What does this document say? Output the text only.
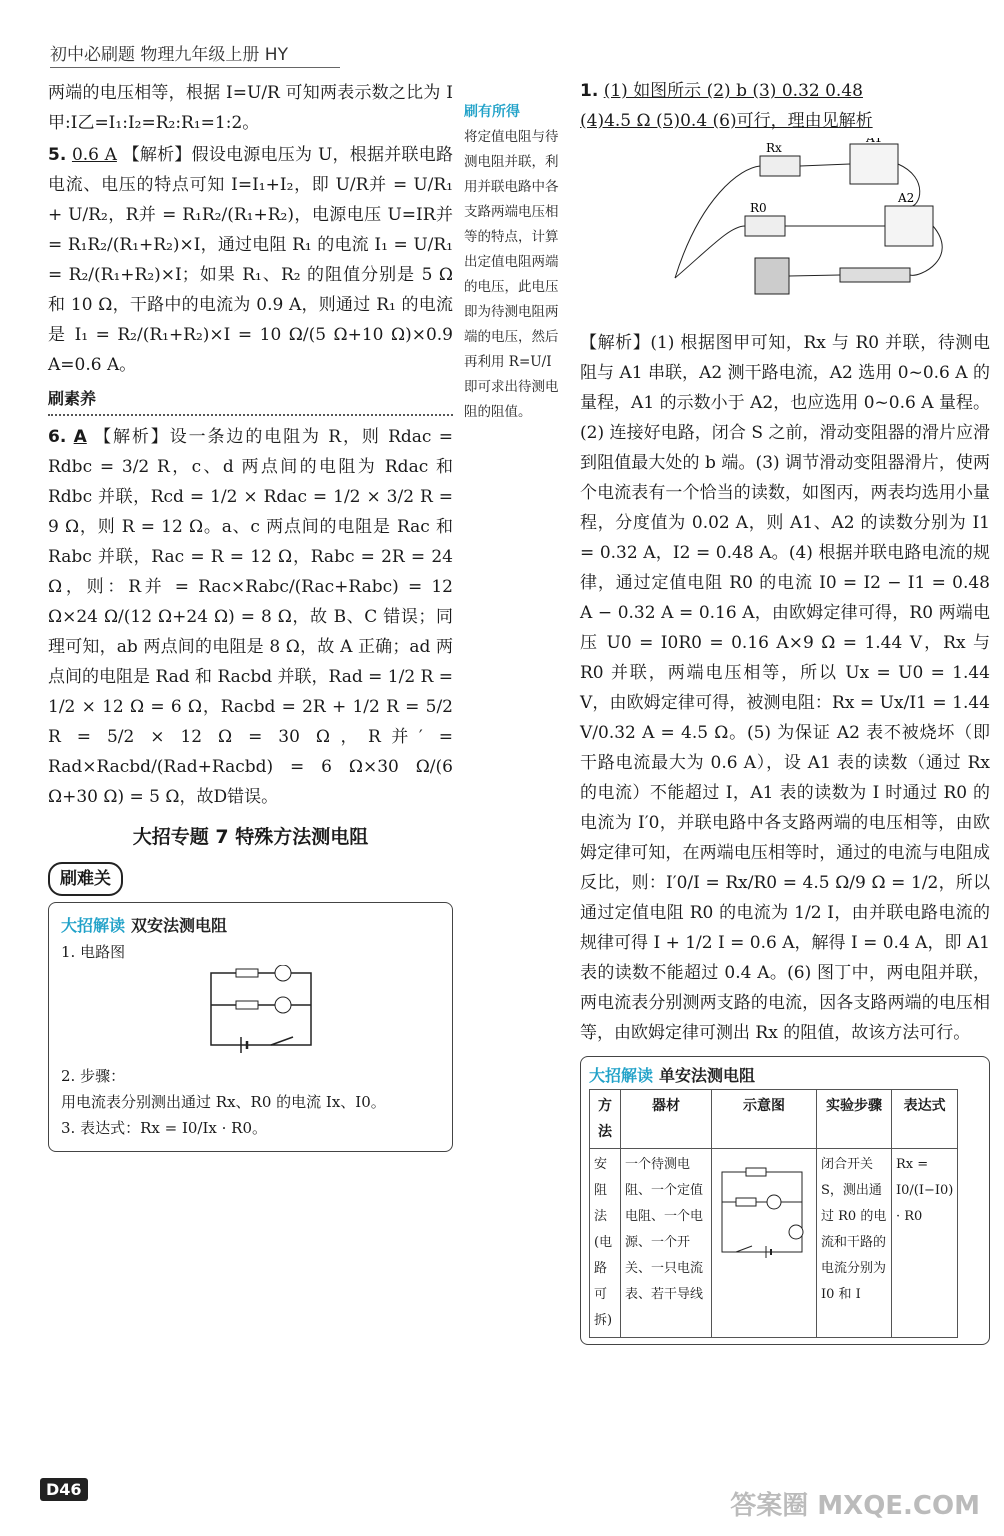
初中必刷题 物理九年级上册 HY

两端的电压相等，根据 I=U/R 可知两表示数之比为 I甲:I乙=I₁:I₂=R₂:R₁=1:2。

5. 0.6 A 【解析】假设电源电压为 U，根据并联电路电流、电压的特点可知 I=I₁+I₂，即 U/R并 = U/R₁ + U/R₂，R并 = R₁R₂/(R₁+R₂)，电源电压 U=IR并 = R₁R₂/(R₁+R₂)×I，通过电阻 R₁ 的电流 I₁ = U/R₁ = R₂/(R₁+R₂)×I；如果 R₁、R₂ 的阻值分别是 5 Ω 和 10 Ω，干路中的电流为 0.9 A，则通过 R₁ 的电流是 I₁ = R₂/(R₁+R₂)×I = 10 Ω/(5 Ω+10 Ω)×0.9 A=0.6 A。

刷素养

6. A 【解析】设一条边的电阻为 R，则 Rdac = Rdbc = 3/2 R，c、d 两点间的电阻为 Rdac 和 Rdbc 并联，Rcd = 1/2 × Rdac = 1/2 × 3/2 R = 9 Ω，则 R = 12 Ω。a、c 两点间的电阻是 Rac 和 Rabc 并联，Rac = R = 12 Ω，Rabc = 2R = 24 Ω，则：R并 = Rac×Rabc/(Rac+Rabc) = 12 Ω×24 Ω/(12 Ω+24 Ω) = 8 Ω，故 B、C 错误；同理可知，ab 两点间的电阻是 8 Ω，故 A 正确；ad 两点间的电阻是 Rad 和 Racbd 并联，Rad = 1/2 R = 1/2 × 12 Ω = 6 Ω，Racbd = 2R + 1/2 R = 5/2 R = 5/2 × 12 Ω = 30 Ω，R并′ = Rad×Racbd/(Rad+Racbd) = 6 Ω×30 Ω/(6 Ω+30 Ω) = 5 Ω，故D错误。

大招专题 7 特殊方法测电阻
刷难关
大招解读 双安法测电阻
1. 电路图
2. 步骤：
用电流表分别测出通过 Rx、R0 的电流 Ix、I0。
3. 表达式：Rx = I0/Ix · R0。
刷有所得
将定值电阻与待测电阻并联，利用并联电路中各支路两端电压相等的特点，计算出定值电阻两端的电压，此电压即为待测电阻两端的电压，然后再利用 R=U/I 即可求出待测电阻的阻值。

1. (1) 如图所示 (2) b (3) 0.32 0.48
(4)4.5 Ω (5)0.4 (6)可行，理由见解析

Rx
A1
R0
A2

【解析】(1) 根据图甲可知，Rx 与 R0 并联，待测电阻与 A1 串联，A2 测干路电流，A2 选用 0~0.6 A 的量程，A1 的示数小于 A2，也应选用 0~0.6 A 量程。(2) 连接好电路，闭合 S 之前，滑动变阻器的滑片应滑到阻值最大处的 b 端。(3) 调节滑动变阻器滑片，使两个电流表有一个恰当的读数，如图丙，两表均选用小量程，分度值为 0.02 A，则 A1、A2 的读数分别为 I1 = 0.32 A，I2 = 0.48 A。(4) 根据并联电路电流的规律，通过定值电阻 R0 的电流 I0 = I2 − I1 = 0.48 A − 0.32 A = 0.16 A，由欧姆定律可得，R0 两端电压 U0 = I0R0 = 0.16 A×9 Ω = 1.44 V，Rx 与 R0 并联，两端电压相等，所以 Ux = U0 = 1.44 V，由欧姆定律可得，被测电阻：Rx = Ux/I1 = 1.44 V/0.32 A = 4.5 Ω。(5) 为保证 A2 表不被烧坏（即干路电流最大为 0.6 A），设 A1 表的读数（通过 Rx 的电流）不能超过 I，A1 表的读数为 I 时通过 R0 的电流为 I′0，并联电路中各支路两端的电压相等，由欧姆定律可知，在两端电压相等时，通过的电流与电阻成反比，则：I′0/I = Rx/R0 = 4.5 Ω/9 Ω = 1/2，所以通过定值电阻 R0 的电流为 1/2 I，由并联电路电流的规律可得 I + 1/2 I = 0.6 A，解得 I = 0.4 A，即 A1 表的读数不能超过 0.4 A。(6) 图丁中，两电阻并联，两电流表分别测两支路的电流，因各支路两端的电压相等，由欧姆定律可测出 Rx 的阻值，故该方法可行。

大招解读 单安法测电阻
方法	器材	示意图	实验步骤	表达式
安阻法(电路可拆)	一个待测电阻、一个定值电阻、一个电源、一个开关、一只电流表、若干导线		闭合开关 S，测出通过 R0 的电流和干路的电流分别为 I0 和 I	Rx = I0/(I−I0) · R0
D46
答案圈 MXQE.COM
